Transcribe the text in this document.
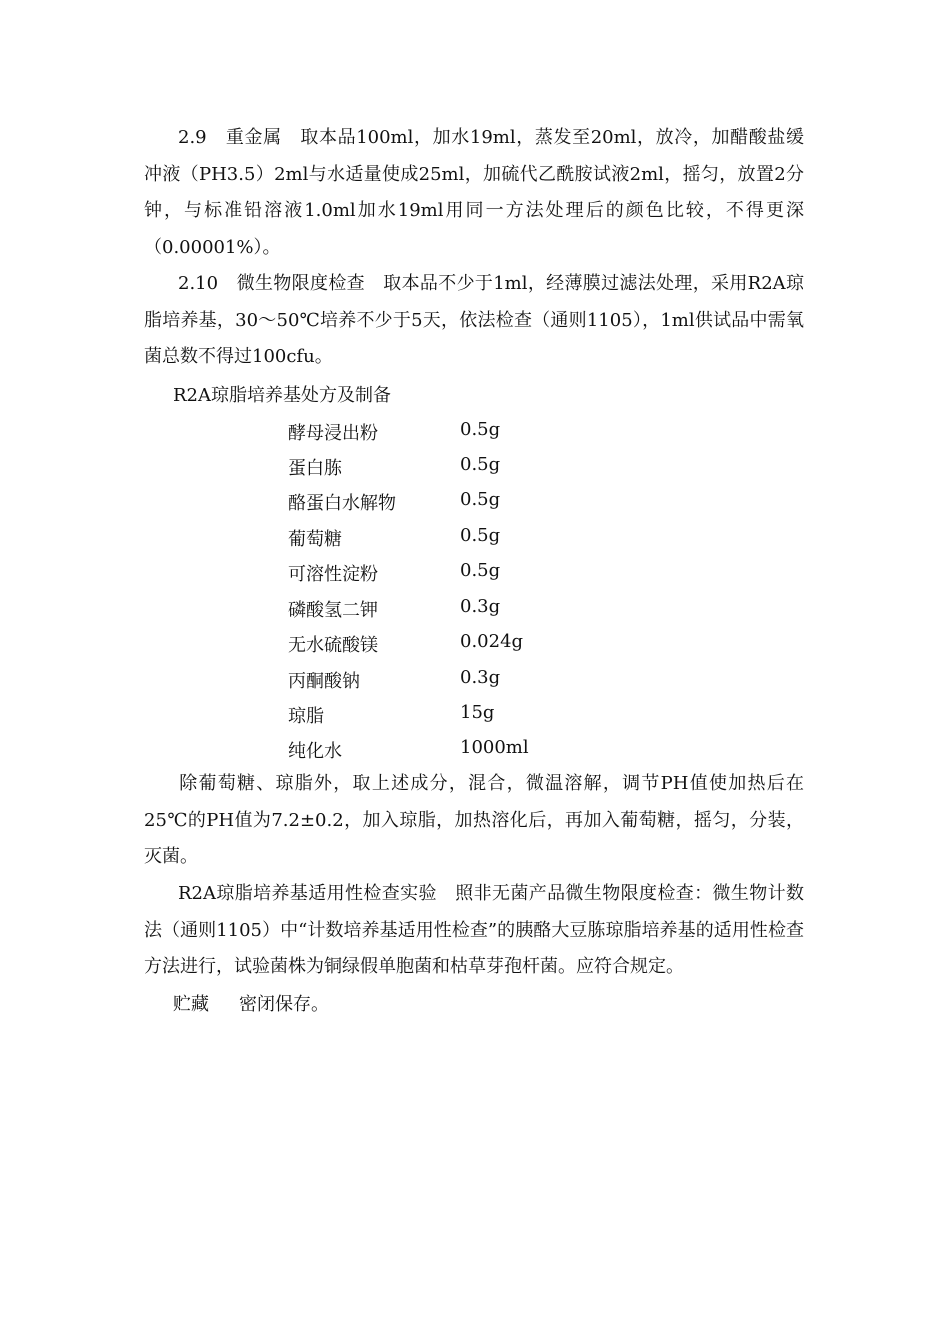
2.9　重金属　取本品100ml，加水19ml，蒸发至20ml，放冷，加醋酸盐缓冲液（PH3.5）2ml与水适量使成25ml，加硫代乙酰胺试液2ml，摇匀，放置2分钟，与标准铅溶液1.0ml加水19ml用同一方法处理后的颜色比较，不得更深（0.00001%）。

2.10　微生物限度检查　取本品不少于1ml，经薄膜过滤法处理，采用R2A琼脂培养基，30～50℃培养不少于5天，依法检查（通则1105），1ml供试品中需氧菌总数不得过100cfu。

R2A琼脂培养基处方及制备

酵母浸出粉	0.5g
蛋白胨	0.5g
酪蛋白水解物	0.5g
葡萄糖	0.5g
可溶性淀粉	0.5g
磷酸氢二钾	0.3g
无水硫酸镁	0.024g
丙酮酸钠	0.3g
琼脂	15g
纯化水	1000ml

除葡萄糖、琼脂外，取上述成分，混合，微温溶解，调节PH值使加热后在25℃的PH值为7.2±0.2，加入琼脂，加热溶化后，再加入葡萄糖，摇匀，分装，灭菌。

R2A琼脂培养基适用性检查实验　照非无菌产品微生物限度检查：微生物计数法（通则1105）中“计数培养基适用性检查”的胰酪大豆胨琼脂培养基的适用性检查方法进行，试验菌株为铜绿假单胞菌和枯草芽孢杆菌。应符合规定。

贮藏 密闭保存。
